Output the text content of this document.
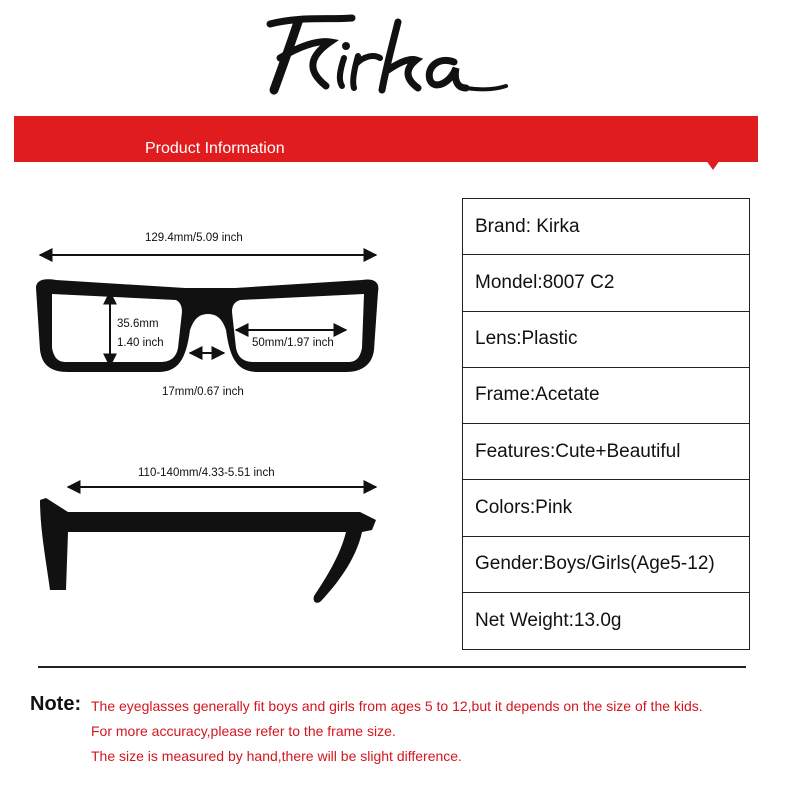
Product Information
129.4mm/5.09 inch
35.6mm
1.40 inch	50mm/1.97 inch
17mm/0.67 inch
110-140mm/4.33-5.51 inch
Brand: Kirka
Mondel:8007 C2
Lens:Plastic
Frame:Acetate
Features:Cute+Beautiful
Colors:Pink
Gender:Boys/Girls(Age5-12)
Net Weight:13.0g
Note: The eyeglasses generally fit boys and girls from ages 5 to 12,but it depends on the size of the kids.
For more accuracy,please refer to the frame size.
The size is measured by hand,there will be slight difference.
